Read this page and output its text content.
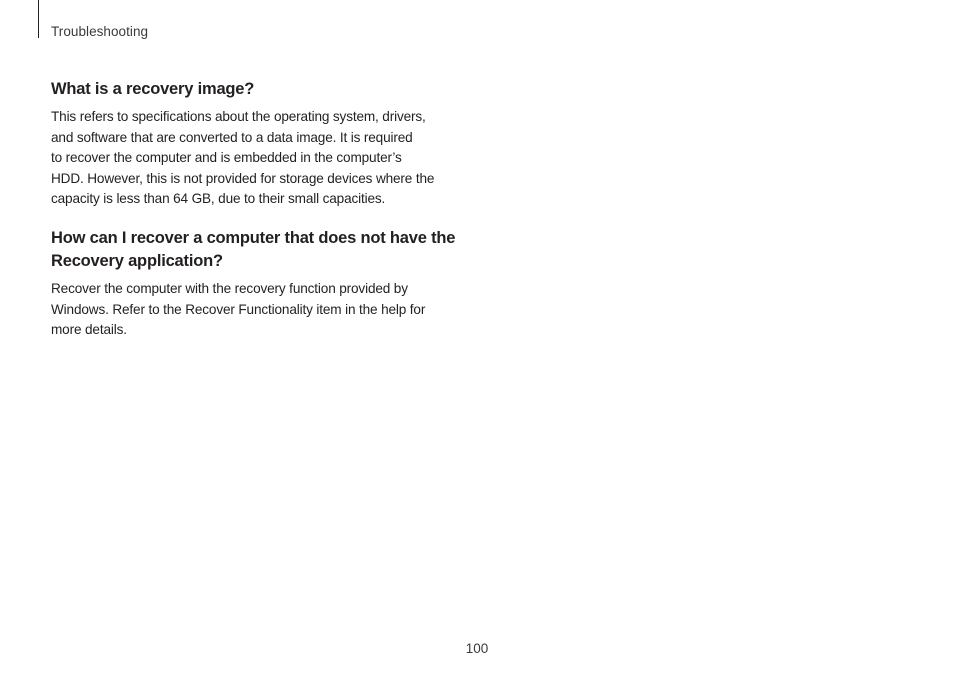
Troubleshooting
What is a recovery image?

This refers to specifications about the operating system, drivers,
and software that are converted to a data image. It is required
to recover the computer and is embedded in the computer’s
HDD. However, this is not provided for storage devices where the
capacity is less than 64 GB, due to their small capacities.

How can I recover a computer that does not have the
Recovery application?

Recover the computer with the recovery function provided by
Windows. Refer to the Recover Functionality item in the help for
more details.

100
